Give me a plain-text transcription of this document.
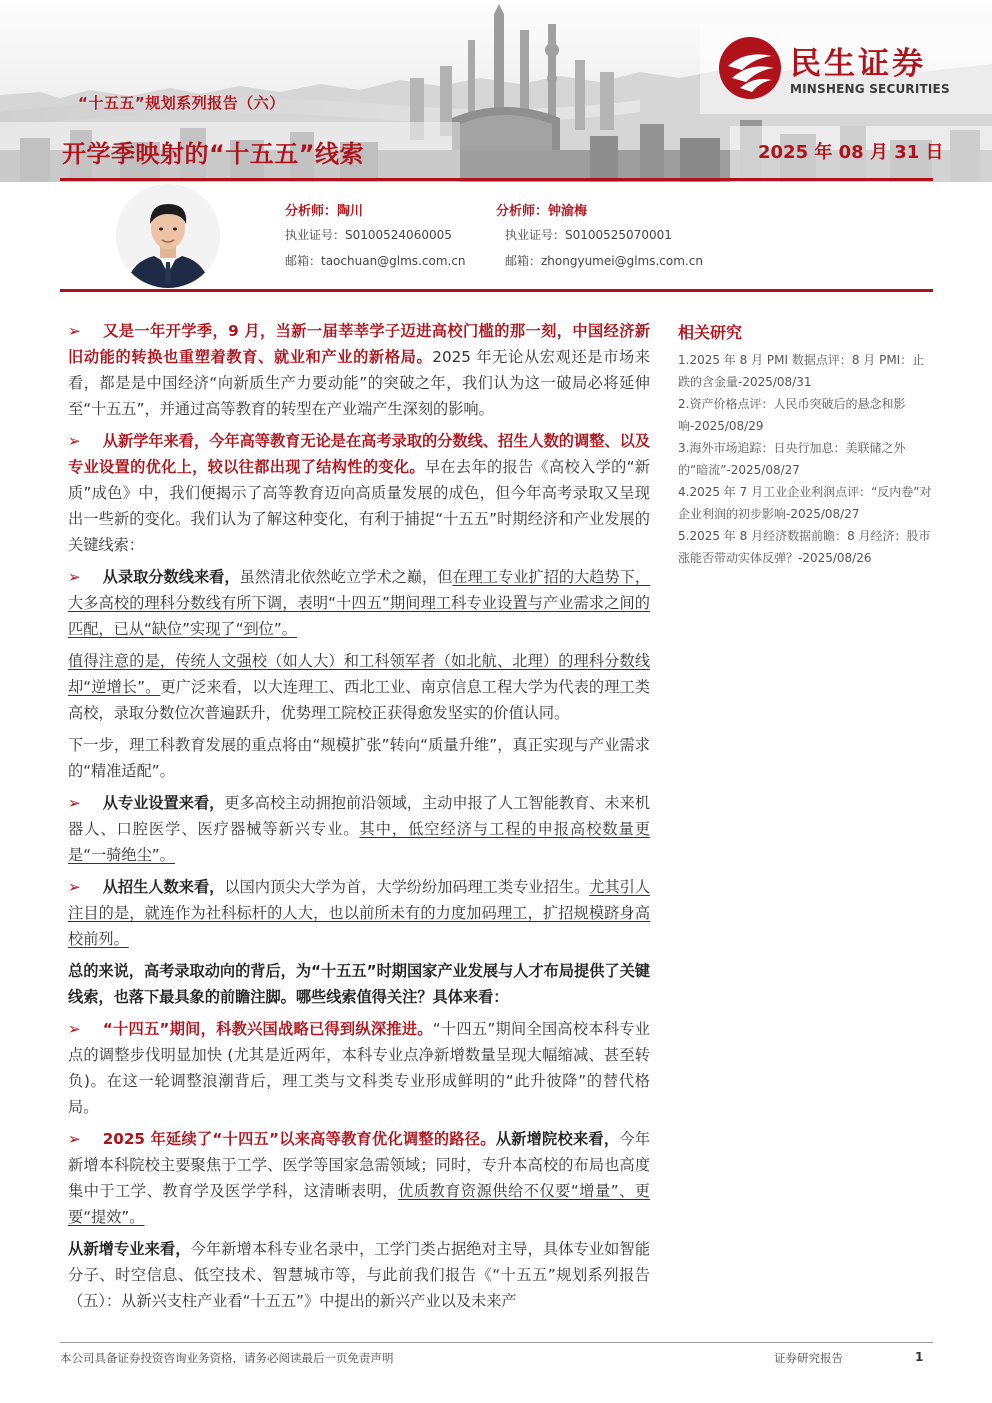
民生证券
MINSHENG SECURITIES
“十五五”规划系列报告（六）
开学季映射的“十五五”线索	2025 年 08 月 31 日
分析师：陶川
执业证号：S0100524060005
邮箱：taochuan@glms.com.cn
分析师：钟渝梅
执业证号：S0100525070001
邮箱：zhongyumei@glms.com.cn

➢ 又是一年开学季，9 月，当新一届莘莘学子迈进高校门槛的那一刻，中国经济新旧动能的转换也重塑着教育、就业和产业的新格局。2025 年无论从宏观还是市场来看，都是是中国经济“向新质生产力要动能”的突破之年，我们认为这一破局必将延伸至“十五五”，并通过高等教育的转型在产业端产生深刻的影响。

➢ 从新学年来看，今年高等教育无论是在高考录取的分数线、招生人数的调整、以及专业设置的优化上，较以往都出现了结构性的变化。早在去年的报告《高校入学的“新质”成色》中，我们便揭示了高等教育迈向高质量发展的成色，但今年高考录取又呈现出一些新的变化。我们认为了解这种变化，有利于捕捉“十五五”时期经济和产业发展的关键线索：

➢ 从录取分数线来看，虽然清北依然屹立学术之巅，但在理工专业扩招的大趋势下，大多高校的理科分数线有所下调，表明“十四五”期间理工科专业设置与产业需求之间的匹配，已从“缺位”实现了“到位”。

值得注意的是，传统人文强校（如人大）和工科领军者（如北航、北理）的理科分数线却“逆增长”。更广泛来看，以大连理工、西北工业、南京信息工程大学为代表的理工类高校，录取分数位次普遍跃升，优势理工院校正获得愈发坚实的价值认同。

下一步，理工科教育发展的重点将由“规模扩张”转向“质量升维”，真正实现与产业需求的“精准适配”。

➢ 从专业设置来看，更多高校主动拥抱前沿领域，主动申报了人工智能教育、未来机器人、口腔医学、医疗器械等新兴专业。其中，低空经济与工程的申报高校数量更是“一骑绝尘”。

➢ 从招生人数来看，以国内顶尖大学为首，大学纷纷加码理工类专业招生。尤其引人注目的是，就连作为社科标杆的人大，也以前所未有的力度加码理工，扩招规模跻身高校前列。

总的来说，高考录取动向的背后，为“十五五”时期国家产业发展与人才布局提供了关键线索，也落下最具象的前瞻注脚。哪些线索值得关注？具体来看：

➢ “十四五”期间，科教兴国战略已得到纵深推进。“十四五”期间全国高校本科专业点的调整步伐明显加快 (尤其是近两年，本科专业点净新增数量呈现大幅缩减、甚至转负)。在这一轮调整浪潮背后，理工类与文科类专业形成鲜明的“此升彼降”的替代格局。

➢ 2025 年延续了“十四五”以来高等教育优化调整的路径。从新增院校来看，今年新增本科院校主要聚焦于工学、医学等国家急需领域；同时，专升本高校的布局也高度集中于工学、教育学及医学学科，这清晰表明，优质教育资源供给不仅要“增量”、更要“提效”。

从新增专业来看，今年新增本科专业名录中，工学门类占据绝对主导，具体专业如智能分子、时空信息、低空技术、智慧城市等，与此前我们报告《“十五五”规划系列报告（五）：从新兴支柱产业看“十五五”》中提出的新兴产业以及未来产

相关研究
1.2025 年 8 月 PMI 数据点评：8 月 PMI：止跌的含金量-2025/08/31
2.资产价格点评：人民币突破后的悬念和影响-2025/08/29
3.海外市场追踪：日央行加息：美联储之外的“暗流”-2025/08/27
4.2025 年 7 月工业企业利润点评：“反内卷”对企业利润的初步影响-2025/08/27
5.2025 年 8 月经济数据前瞻：8 月经济：股市涨能否带动实体反弹？-2025/08/26
本公司具备证券投资咨询业务资格，请务必阅读最后一页免责声明	证券研究报告	1
